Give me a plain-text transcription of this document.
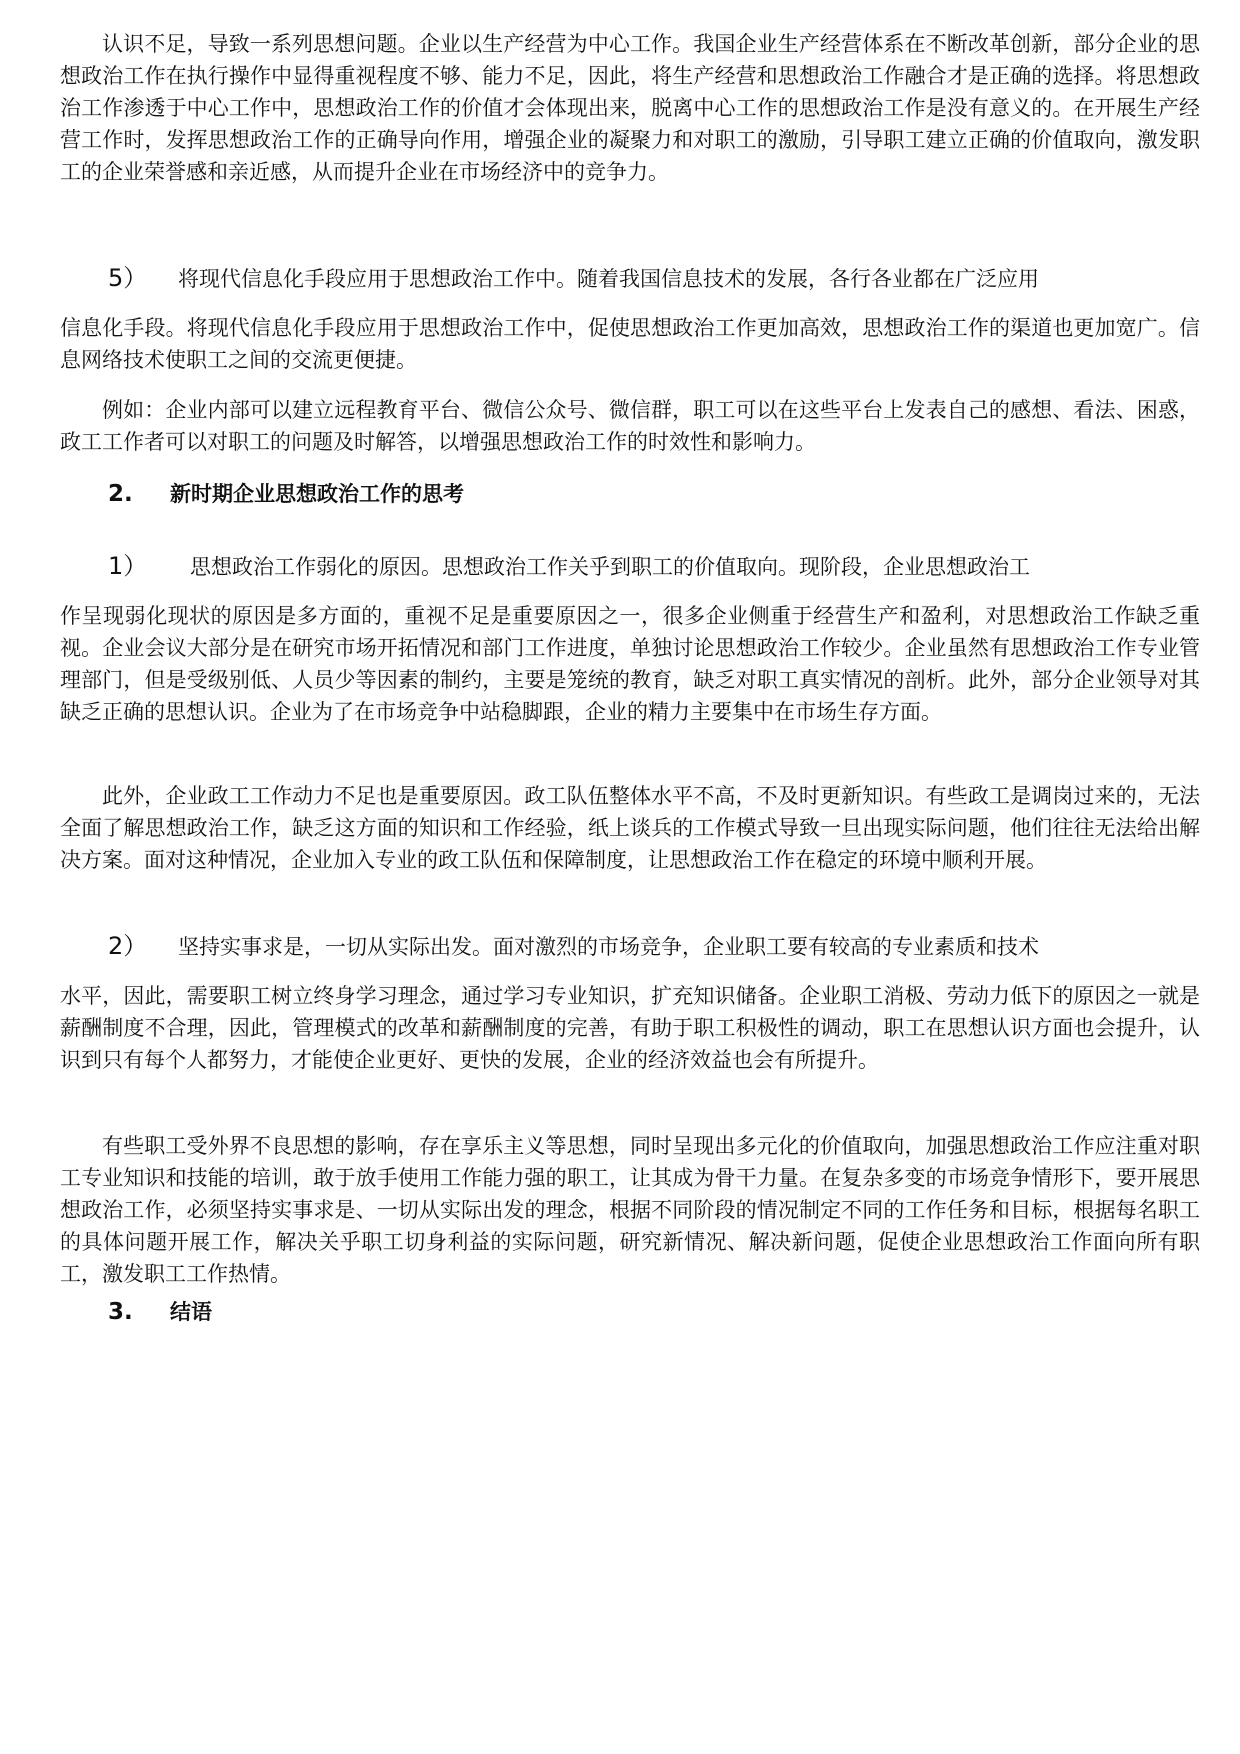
认识不足，导致一系列思想问题。企业以生产经营为中心工作。我国企业生产经营体系在不断改革创新，部分企业的思想政治工作在执行操作中显得重视程度不够、能力不足，因此，将生产经营和思想政治工作融合才是正确的选择。将思想政治工作渗透于中心工作中，思想政治工作的价值才会体现出来，脱离中心工作的思想政治工作是没有意义的。在开展生产经营工作时，发挥思想政治工作的正确导向作用，增强企业的凝聚力和对职工的激励，引导职工建立正确的价值取向，激发职工的企业荣誉感和亲近感，从而提升企业在市场经济中的竞争力。

5） 将现代信息化手段应用于思想政治工作中。随着我国信息技术的发展，各行各业都在广泛应用

信息化手段。将现代信息化手段应用于思想政治工作中，促使思想政治工作更加高效，思想政治工作的渠道也更加宽广。信息网络技术使职工之间的交流更便捷。

例如：企业内部可以建立远程教育平台、微信公众号、微信群，职工可以在这些平台上发表自己的感想、看法、困惑，政工工作者可以对职工的问题及时解答，以增强思想政治工作的时效性和影响力。

2. 新时期企业思想政治工作的思考

1） 思想政治工作弱化的原因。思想政治工作关乎到职工的价值取向。现阶段，企业思想政治工

作呈现弱化现状的原因是多方面的，重视不足是重要原因之一，很多企业侧重于经营生产和盈利，对思想政治工作缺乏重视。企业会议大部分是在研究市场开拓情况和部门工作进度，单独讨论思想政治工作较少。企业虽然有思想政治工作专业管理部门，但是受级别低、人员少等因素的制约，主要是笼统的教育，缺乏对职工真实情况的剖析。此外，部分企业领导对其缺乏正确的思想认识。企业为了在市场竞争中站稳脚跟，企业的精力主要集中在市场生存方面。

此外，企业政工工作动力不足也是重要原因。政工队伍整体水平不高，不及时更新知识。有些政工是调岗过来的，无法全面了解思想政治工作，缺乏这方面的知识和工作经验，纸上谈兵的工作模式导致一旦出现实际问题，他们往往无法给出解决方案。面对这种情况，企业加入专业的政工队伍和保障制度，让思想政治工作在稳定的环境中顺利开展。

2） 坚持实事求是，一切从实际出发。面对激烈的市场竞争，企业职工要有较高的专业素质和技术

水平，因此，需要职工树立终身学习理念，通过学习专业知识，扩充知识储备。企业职工消极、劳动力低下的原因之一就是薪酬制度不合理，因此，管理模式的改革和薪酬制度的完善，有助于职工积极性的调动，职工在思想认识方面也会提升，认识到只有每个人都努力，才能使企业更好、更快的发展，企业的经济效益也会有所提升。

有些职工受外界不良思想的影响，存在享乐主义等思想，同时呈现出多元化的价值取向，加强思想政治工作应注重对职工专业知识和技能的培训，敢于放手使用工作能力强的职工，让其成为骨干力量。在复杂多变的市场竞争情形下，要开展思想政治工作，必须坚持实事求是、一切从实际出发的理念，根据不同阶段的情况制定不同的工作任务和目标，根据每名职工的具体问题开展工作，解决关乎职工切身利益的实际问题，研究新情况、解决新问题，促使企业思想政治工作面向所有职工，激发职工工作热情。

3. 结语
